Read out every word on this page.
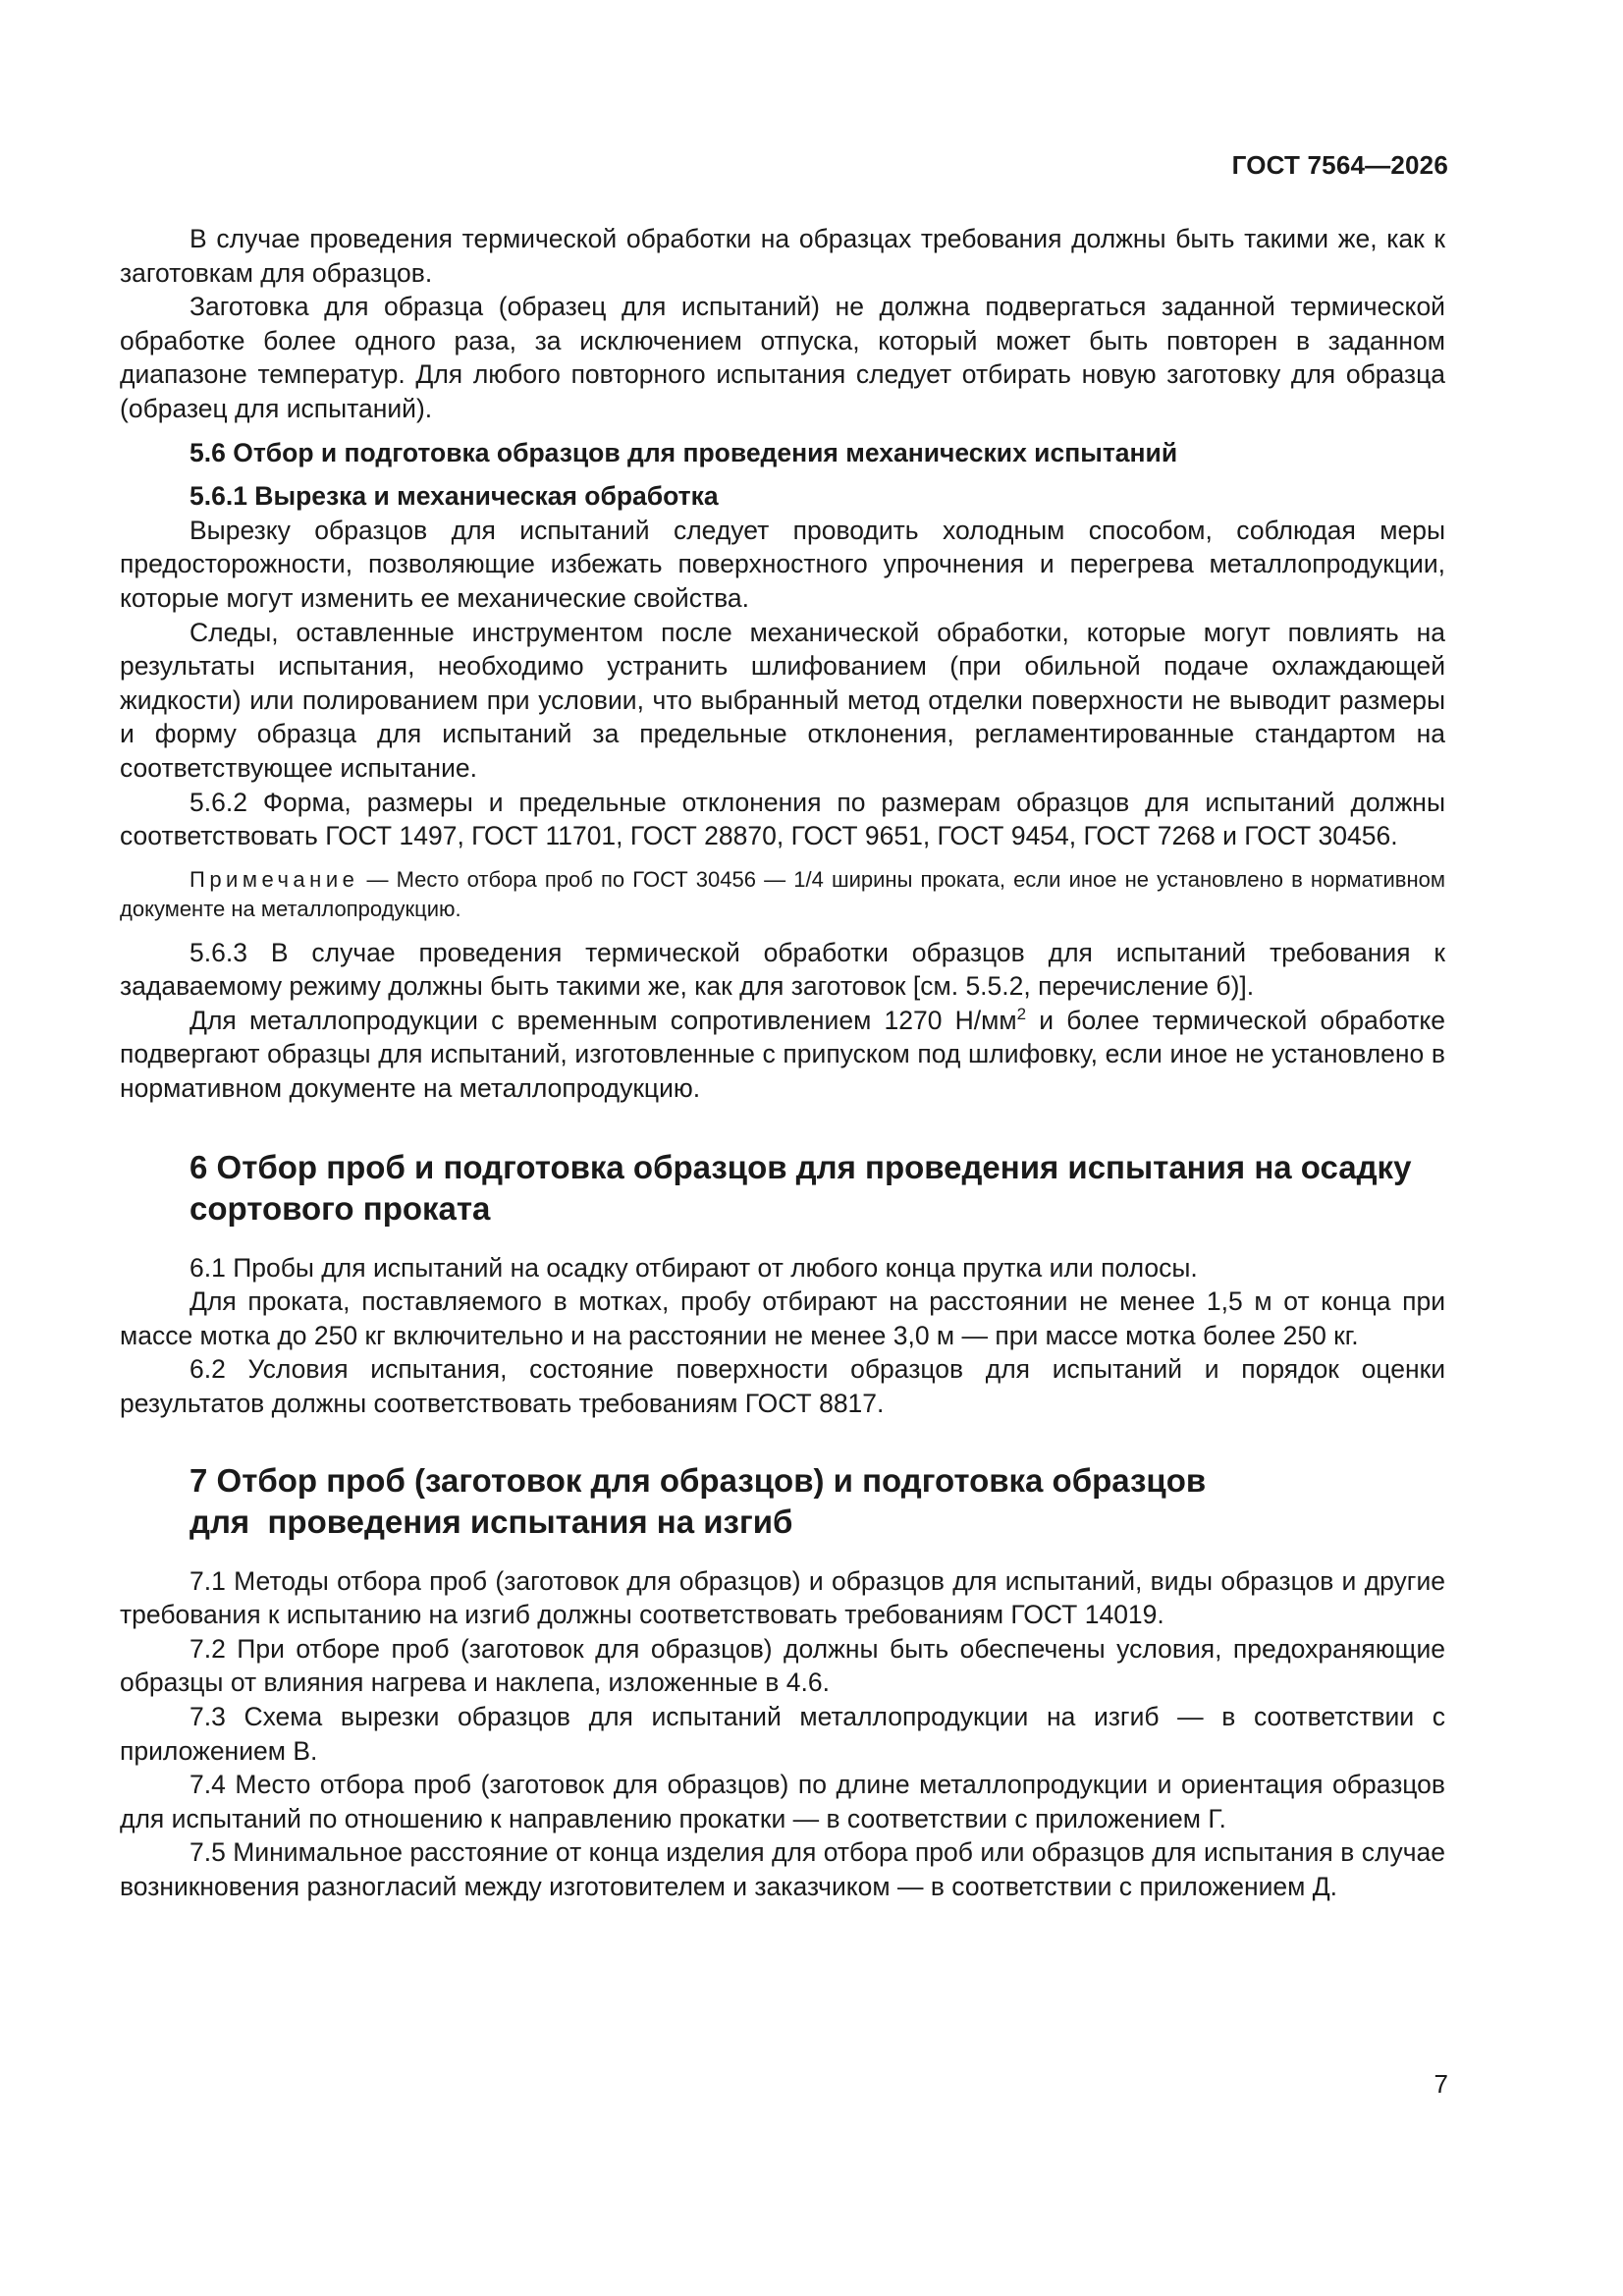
ГОСТ 7564—2026

В случае проведения термической обработки на образцах требования должны быть такими же, как к заготовкам для образцов.

Заготовка для образца (образец для испытаний) не должна подвергаться заданной термической обработке более одного раза, за исключением отпуска, который может быть повторен в заданном диапазоне температур. Для любого повторного испытания следует отбирать новую заготовку для образца (образец для испытаний).

5.6 Отбор и подготовка образцов для проведения механических испытаний

5.6.1 Вырезка и механическая обработка

Вырезку образцов для испытаний следует проводить холодным способом, соблюдая меры предосторожности, позволяющие избежать поверхностного упрочнения и перегрева металлопродукции, которые могут изменить ее механические свойства.

Следы, оставленные инструментом после механической обработки, которые могут повлиять на результаты испытания, необходимо устранить шлифованием (при обильной подаче охлаждающей жидкости) или полированием при условии, что выбранный метод отделки поверхности не выводит размеры и форму образца для испытаний за предельные отклонения, регламентированные стандартом на соответствующее испытание.

5.6.2 Форма, размеры и предельные отклонения по размерам образцов для испытаний должны соответствовать ГОСТ 1497, ГОСТ 11701, ГОСТ 28870, ГОСТ 9651, ГОСТ 9454, ГОСТ 7268 и ГОСТ 30456.

Примечание — Место отбора проб по ГОСТ 30456 — 1/4 ширины проката, если иное не установлено в нормативном документе на металлопродукцию.

5.6.3 В случае проведения термической обработки образцов для испытаний требования к задаваемому режиму должны быть такими же, как для заготовок [см. 5.5.2, перечисление б)].

Для металлопродукции с временным сопротивлением 1270 $Н/мм^2$ и более термической обработке подвергают образцы для испытаний, изготовленные с припуском под шлифовку, если иное не установлено в нормативном документе на металлопродукцию.

6 Отбор проб и подготовка образцов для проведения испытания на осадку сортового проката

6.1 Пробы для испытаний на осадку отбирают от любого конца прутка или полосы.

Для проката, поставляемого в мотках, пробу отбирают на расстоянии не менее 1,5 м от конца при массе мотка до 250 кг включительно и на расстоянии не менее 3,0 м — при массе мотка более 250 кг.

6.2 Условия испытания, состояние поверхности образцов для испытаний и порядок оценки результатов должны соответствовать требованиям ГОСТ 8817.

7 Отбор проб (заготовок для образцов) и подготовка образцов

для  проведения испытания на изгиб

7.1 Методы отбора проб (заготовок для образцов) и образцов для испытаний, виды образцов и другие требования к испытанию на изгиб должны соответствовать требованиям ГОСТ 14019.

7.2 При отборе проб (заготовок для образцов) должны быть обеспечены условия, предохраняющие образцы от влияния нагрева и наклепа, изложенные в 4.6.

7.3 Схема вырезки образцов для испытаний металлопродукции на изгиб — в соответствии с приложением В.

7.4 Место отбора проб (заготовок для образцов) по длине металлопродукции и ориентация образцов для испытаний по отношению к направлению прокатки — в соответствии с приложением Г.

7.5 Минимальное расстояние от конца изделия для отбора проб или образцов для испытания в случае возникновения разногласий между изготовителем и заказчиком — в соответствии с приложением Д.

7
